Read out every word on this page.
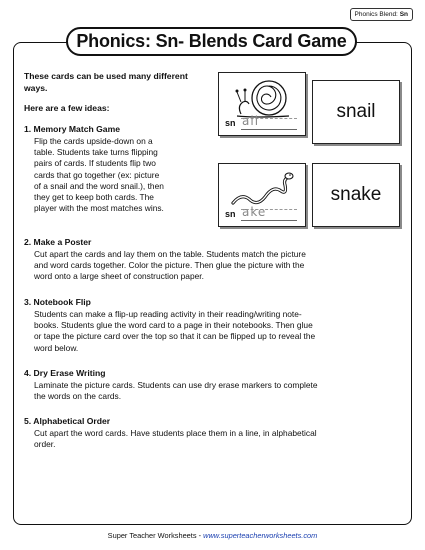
Phonics Blend: Sn
Phonics: Sn- Blends Card Game
These cards can be used many different ways.
Here are a few ideas:
1. Memory Match Game
Flip the cards upside-down on a
table. Students take turns flipping
pairs of cards. If students flip two
cards that go together (ex: picture
of a snail and the word snail.), then
they get to keep both cards. The
player with the most matches wins.
sn ail	snail
sn ake
snake
2. Make a Poster
Cut apart the cards and lay them on the table. Students match the picture
and word cards together. Color the picture. Then glue the picture with the
word onto a large sheet of construction paper.
3. Notebook Flip
Students can make a flip-up reading activity in their reading/writing note-
books. Students glue the word card to a page in their notebooks. Then glue
or tape the picture card over the top so that it can be flipped up to reveal the
word below.
4. Dry Erase Writing
Laminate the picture cards. Students can use dry erase markers to complete
the words on the cards.
5. Alphabetical Order
Cut apart the word cards. Have students place them in a line, in alphabetical
order.
Super Teacher Worksheets - www.superteacherworksheets.com
